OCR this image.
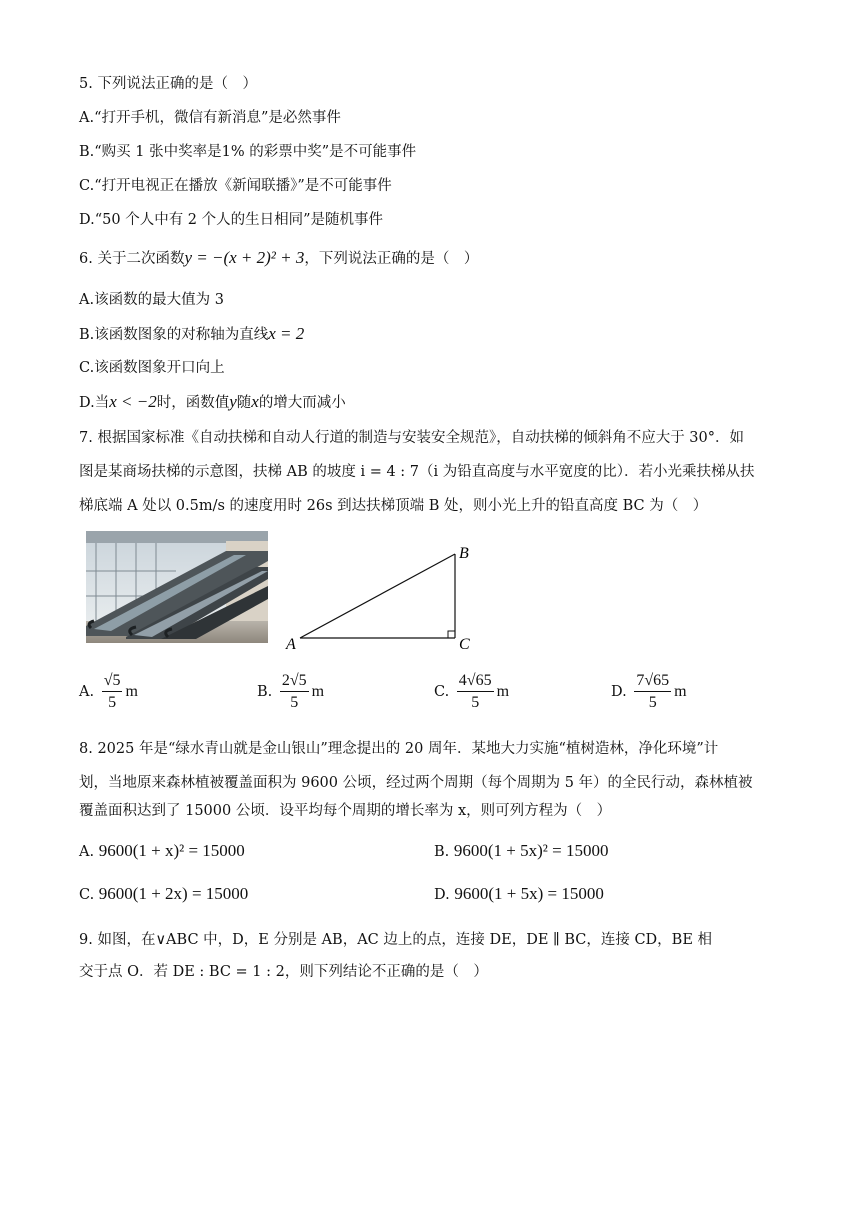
5. 下列说法正确的是（　）
A.“打开手机，微信有新消息”是必然事件
B.“购买 1 张中奖率是1% 的彩票中奖”是不可能事件
C.“打开电视正在播放《新闻联播》”是不可能事件
D.“50 个人中有 2 个人的生日相同”是随机事件
6. 关于二次函数y = −(x + 2)² + 3，下列说法正确的是（　）
A.该函数的最大值为 3
B.该函数图象的对称轴为直线x = 2
C.该函数图象开口向上
D.当x < −2时，函数值y随x的增大而减小
7. 根据国家标准《自动扶梯和自动人行道的制造与安装安全规范》，自动扶梯的倾斜角不应大于 30°．如
图是某商场扶梯的示意图，扶梯 AB 的坡度 i = 4 : 7（i 为铅直高度与水平宽度的比）．若小光乘扶梯从扶
梯底端 A 处以 0.5m/s 的速度用时 26s 到达扶梯顶端 B 处，则小光上升的铅直高度 BC 为（　）
A
B
C
A. $\frac{√5}{5}$ m	B. $\frac{2√5}{5}$ m	C. $\frac{4√65}{5}$ m	D. $\frac{7√65}{5}$ m
8. 2025 年是“绿水青山就是金山银山”理念提出的 20 周年．某地大力实施“植树造林，净化环境”计
划，当地原来森林植被覆盖面积为 9600 公顷，经过两个周期（每个周期为 5 年）的全民行动，森林植被
覆盖面积达到了 15000 公顷．设平均每个周期的增长率为 x，则可列方程为（　）
A. 9600(1 + x)² = 15000	B. 9600(1 + 5x)² = 15000
C. 9600(1 + 2x) = 15000	D. 9600(1 + 5x) = 15000
9. 如图，在∨ABC 中，D，E 分别是 AB，AC 边上的点，连接 DE，DE ∥ BC，连接 CD，BE 相
交于点 O．若 DE : BC = 1 : 2，则下列结论不正确的是（　）
